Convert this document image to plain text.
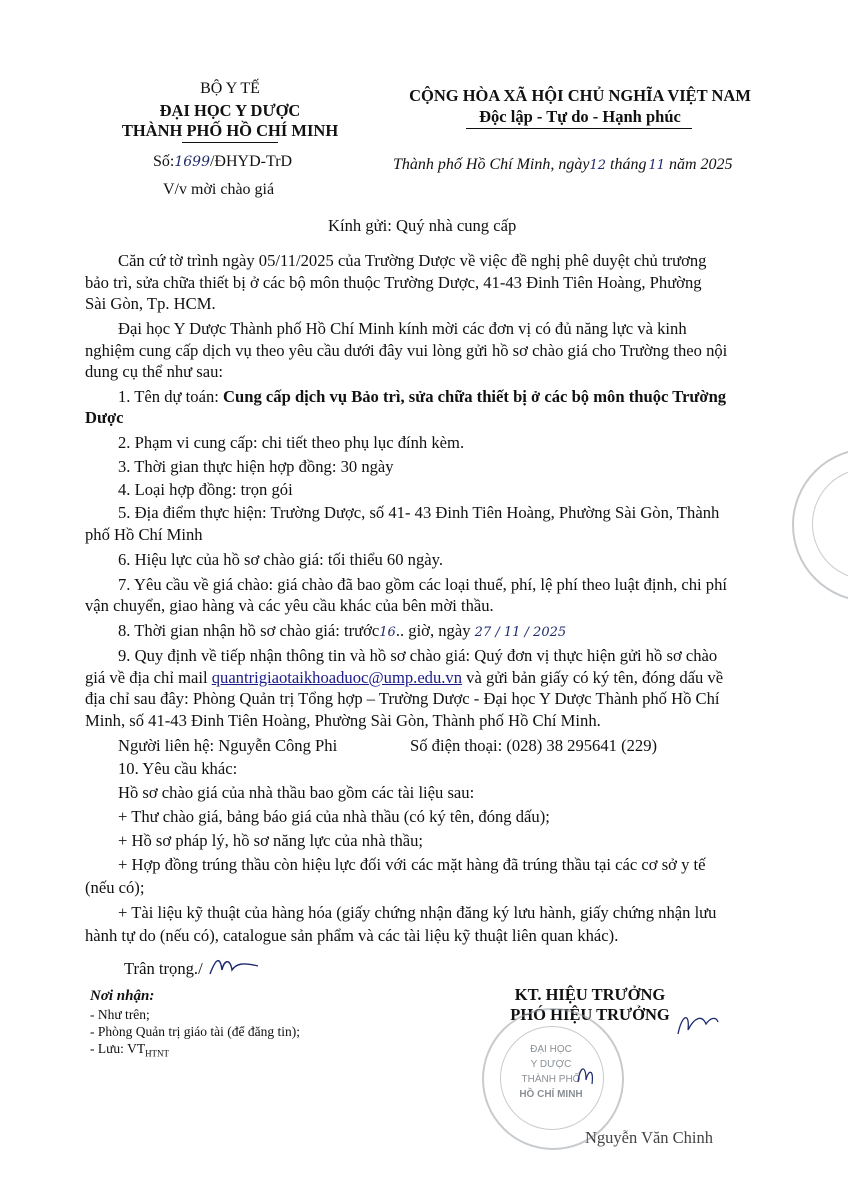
BỘ Y TẾ
ĐẠI HỌC Y DƯỢC
THÀNH PHỐ HỒ CHÍ MINH
Số:1699/ĐHYD-TrD
V/v mời chào giá
CỘNG HÒA XÃ HỘI CHỦ NGHĨA VIỆT NAM
Độc lập - Tự do - Hạnh phúc
Thành phố Hồ Chí Minh, ngày12 tháng 11 năm 2025
Kính gửi: Quý nhà cung cấp
Căn cứ tờ trình ngày 05/11/2025 của Trường Dược về việc đề nghị phê duyệt chủ trương
bảo trì, sửa chữa thiết bị ở các bộ môn thuộc Trường Dược, 41-43 Đinh Tiên Hoàng, Phường
Sài Gòn, Tp. HCM.
Đại học Y Dược Thành phố Hồ Chí Minh kính mời các đơn vị có đủ năng lực và kinh
nghiệm cung cấp dịch vụ theo yêu cầu dưới đây vui lòng gửi hồ sơ chào giá cho Trường theo nội
dung cụ thể như sau:
1. Tên dự toán: Cung cấp dịch vụ Bảo trì, sửa chữa thiết bị ở các bộ môn thuộc Trường
Dược
2. Phạm vi cung cấp: chi tiết theo phụ lục đính kèm.
3. Thời gian thực hiện hợp đồng: 30 ngày
4. Loại hợp đồng: trọn gói
5. Địa điểm thực hiện: Trường Dược, số 41- 43 Đinh Tiên Hoàng, Phường Sài Gòn, Thành
phố Hồ Chí Minh
6. Hiệu lực của hồ sơ chào giá: tối thiểu 60 ngày.
7. Yêu cầu về giá chào: giá chào đã bao gồm các loại thuế, phí, lệ phí theo luật định, chi phí
vận chuyển, giao hàng và các yêu cầu khác của bên mời thầu.
8. Thời gian nhận hồ sơ chào giá: trước16.. giờ, ngày 27 / 11 / 2025
9. Quy định về tiếp nhận thông tin và hồ sơ chào giá: Quý đơn vị thực hiện gửi hồ sơ chào
giá về địa chỉ mail quantrigiaotaikhoaduoc@ump.edu.vn và gửi bản giấy có ký tên, đóng dấu về
địa chỉ sau đây: Phòng Quản trị Tổng hợp – Trường Dược - Đại học Y Dược Thành phố Hồ Chí
Minh, số 41-43 Đinh Tiên Hoàng, Phường Sài Gòn, Thành phố Hồ Chí Minh.
Người liên hệ: Nguyễn Công Phi	Số điện thoại: (028) 38 295641 (229)
10. Yêu cầu khác:
Hồ sơ chào giá của nhà thầu bao gồm các tài liệu sau:
+ Thư chào giá, bảng báo giá của nhà thầu (có ký tên, đóng dấu);
+ Hồ sơ pháp lý, hồ sơ năng lực của nhà thầu;
+ Hợp đồng trúng thầu còn hiệu lực đối với các mặt hàng đã trúng thầu tại các cơ sở y tế
(nếu có);
+ Tài liệu kỹ thuật của hàng hóa (giấy chứng nhận đăng ký lưu hành, giấy chứng nhận lưu
hành tự do (nếu có), catalogue sản phẩm và các tài liệu kỹ thuật liên quan khác).
Trân trọng./
Nơi nhận:
- Như trên;
- Phòng Quản trị giáo tài (để đăng tin);
- Lưu: $VT_{HTNT}$
KT. HIỆU TRƯỞNG
PHÓ HIỆU TRƯỞNG
ĐẠI HỌC
Y DƯỢC
THÀNH PHỐ
HỒ CHÍ MINH
Nguyễn Văn Chinh
